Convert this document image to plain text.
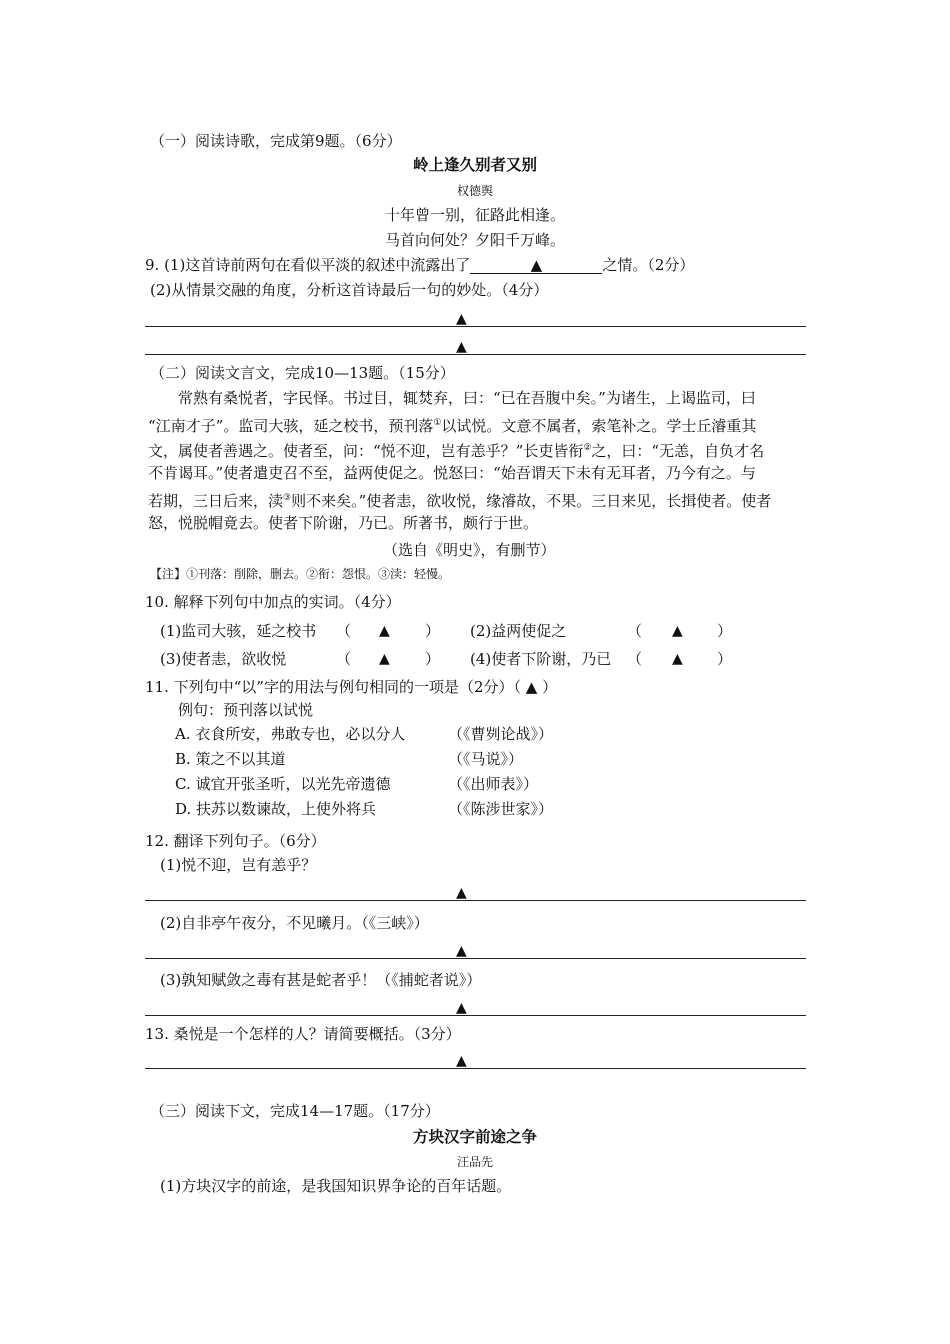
（一）阅读诗歌，完成第9题。（6分）
岭上逢久别者又别
权德舆
十年曾一别，征路此相逢。
马首向何处？夕阳千万峰。
9. (1)这首诗前两句在看似平淡的叙述中流露出了	▲	之情。（2分）
(2)从情景交融的角度，分析这首诗最后一句的妙处。（4分）
▲
▲
（二）阅读文言文，完成10—13题。（15分）
常熟有桑悦者，字民怿。书过目，辄焚弃，曰：“已在吾腹中矣。”为诸生，上谒监司，曰
“江南才子”。监司大骇，延之校书，预刊落①以试悦。文意不属者，索笔补之。学士丘濬重其
文，属使者善遇之。使者至，问：“悦不迎，岂有恙乎？”长吏皆衔②之，曰：“无恙，自负才名
不肯谒耳。”使者遣吏召不至，益两使促之。悦怒曰：“始吾谓天下未有无耳者，乃今有之。与
若期，三日后来，渎③则不来矣。”使者恚，欲收悦，缘濬故，不果。三日来见，长揖使者。使者
怒，悦脱帽竟去。使者下阶谢，乃已。所著书，颇行于世。
（选自《明史》，有删节）
【注】①刊落：削除，删去。②衔：怨恨。③渎：轻慢。
10. 解释下列句中加点的实词。（4分）
(1)监司大骇，延之校书 （ ▲ ） (2)益两使促之	（ ▲ ）
(3)使者恚，欲收悦	（ ▲ ） (4)使者下阶谢，乃已 （ ▲ ）
11. 下列句中“以”字的用法与例句相同的一项是（2分）（ ▲ ）
例句：预刊落以试悦
A. 衣食所安，弗敢专也，必以分人	（《曹刿论战》）
B. 策之不以其道	（《马说》）
C. 诚宜开张圣听，以光先帝遗德	（《出师表》）
D. 扶苏以数谏故，上使外将兵	（《陈涉世家》）
12. 翻译下列句子。（6分）
(1)悦不迎，岂有恙乎？
▲
(2)自非亭午夜分，不见曦月。（《三峡》）
▲
(3)孰知赋敛之毒有甚是蛇者乎！（《捕蛇者说》）
▲
13. 桑悦是一个怎样的人？请简要概括。（3分）
▲
（三）阅读下文，完成14—17题。（17分）
方块汉字前途之争
汪品先
(1)方块汉字的前途，是我国知识界争论的百年话题。
